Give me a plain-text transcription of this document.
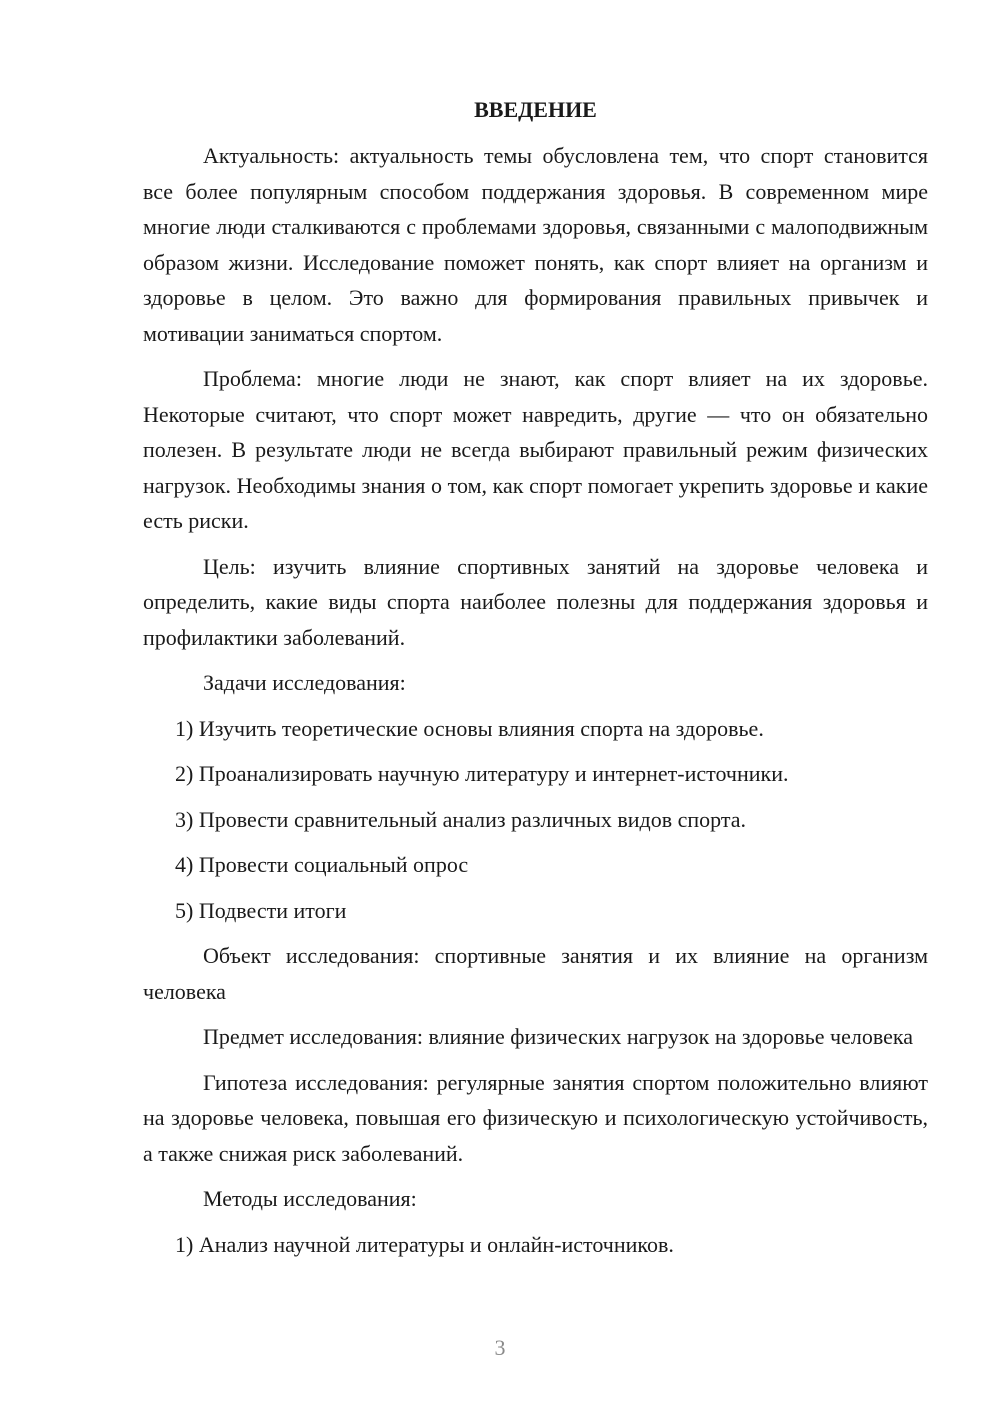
ВВЕДЕНИЕ

Актуальность: актуальность темы обусловлена тем, что спорт становится все более популярным способом поддержания здоровья. В современном мире многие люди сталкиваются с проблемами здоровья, связанными с малоподвижным образом жизни. Исследование поможет понять, как спорт влияет на организм и здоровье в целом. Это важно для формирования правильных привычек и мотивации заниматься спортом.

Проблема: многие люди не знают, как спорт влияет на их здоровье. Некоторые считают, что спорт может навредить, другие — что он обязательно полезен. В результате люди не всегда выбирают правильный режим физических нагрузок. Необходимы знания о том, как спорт помогает укрепить здоровье и какие есть риски.

Цель: изучить влияние спортивных занятий на здоровье человека и определить, какие виды спорта наиболее полезны для поддержания здоровья и профилактики заболеваний.

Задачи исследования:

1) Изучить теоретические основы влияния спорта на здоровье.

2) Проанализировать научную литературу и интернет-источники.

3) Провести сравнительный анализ различных видов спорта.

4) Провести социальный опрос

5) Подвести итоги

Объект исследования: спортивные занятия и их влияние на организм человека

Предмет исследования: влияние физических нагрузок на здоровье человека

Гипотеза исследования: регулярные занятия спортом положительно влияют на здоровье человека, повышая его физическую и психологическую устойчивость, а также снижая риск заболеваний.

Методы исследования:

1) Анализ научной литературы и онлайн-источников.

3
